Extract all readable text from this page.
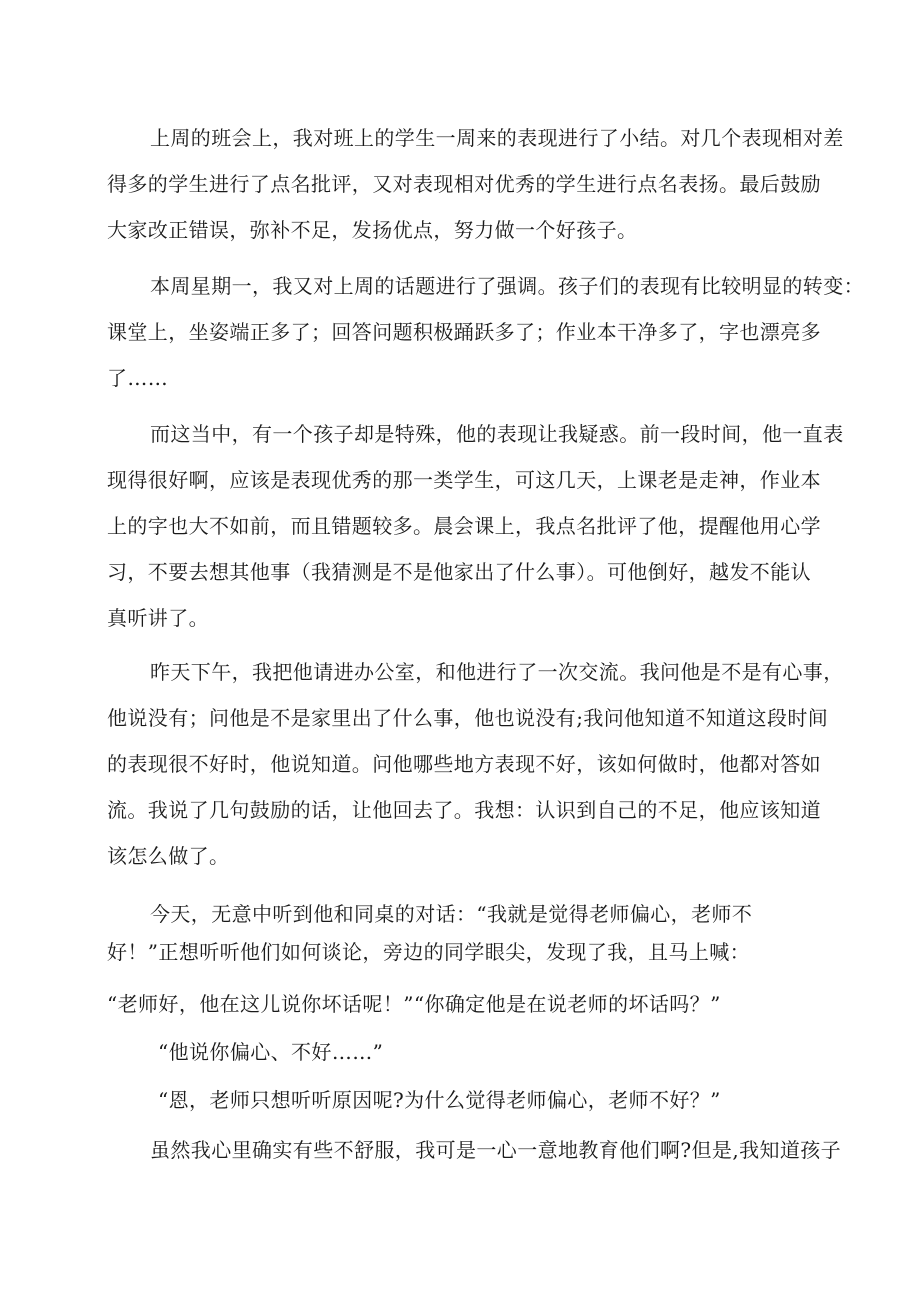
上周的班会上，我对班上的学生一周来的表现进行了小结。对几个表现相对差
得多的学生进行了点名批评，又对表现相对优秀的学生进行点名表扬。最后鼓励
大家改正错误，弥补不足，发扬优点，努力做一个好孩子。
本周星期一，我又对上周的话题进行了强调。孩子们的表现有比较明显的转变：
课堂上，坐姿端正多了；回答问题积极踊跃多了；作业本干净多了，字也漂亮多
了……
而这当中，有一个孩子却是特殊，他的表现让我疑惑。前一段时间，他一直表
现得很好啊，应该是表现优秀的那一类学生，可这几天，上课老是走神，作业本
上的字也大不如前，而且错题较多。晨会课上，我点名批评了他，提醒他用心学
习，不要去想其他事（我猜测是不是他家出了什么事）。可他倒好，越发不能认
真听讲了。
昨天下午，我把他请进办公室，和他进行了一次交流。我问他是不是有心事，
他说没有；问他是不是家里出了什么事，他也说没有;我问他知道不知道这段时间
的表现很不好时，他说知道。问他哪些地方表现不好，该如何做时，他都对答如
流。我说了几句鼓励的话，让他回去了。我想：认识到自己的不足，他应该知道
该怎么做了。
今天，无意中听到他和同桌的对话：“我就是觉得老师偏心，老师不
好！”正想听听他们如何谈论，旁边的同学眼尖，发现了我，且马上喊：
“老师好，他在这儿说你坏话呢！”“你确定他是在说老师的坏话吗？”
“他说你偏心、不好……”
“恩，老师只想听听原因呢?为什么觉得老师偏心，老师不好？”
虽然我心里确实有些不舒服，我可是一心一意地教育他们啊?但是,我知道孩子
